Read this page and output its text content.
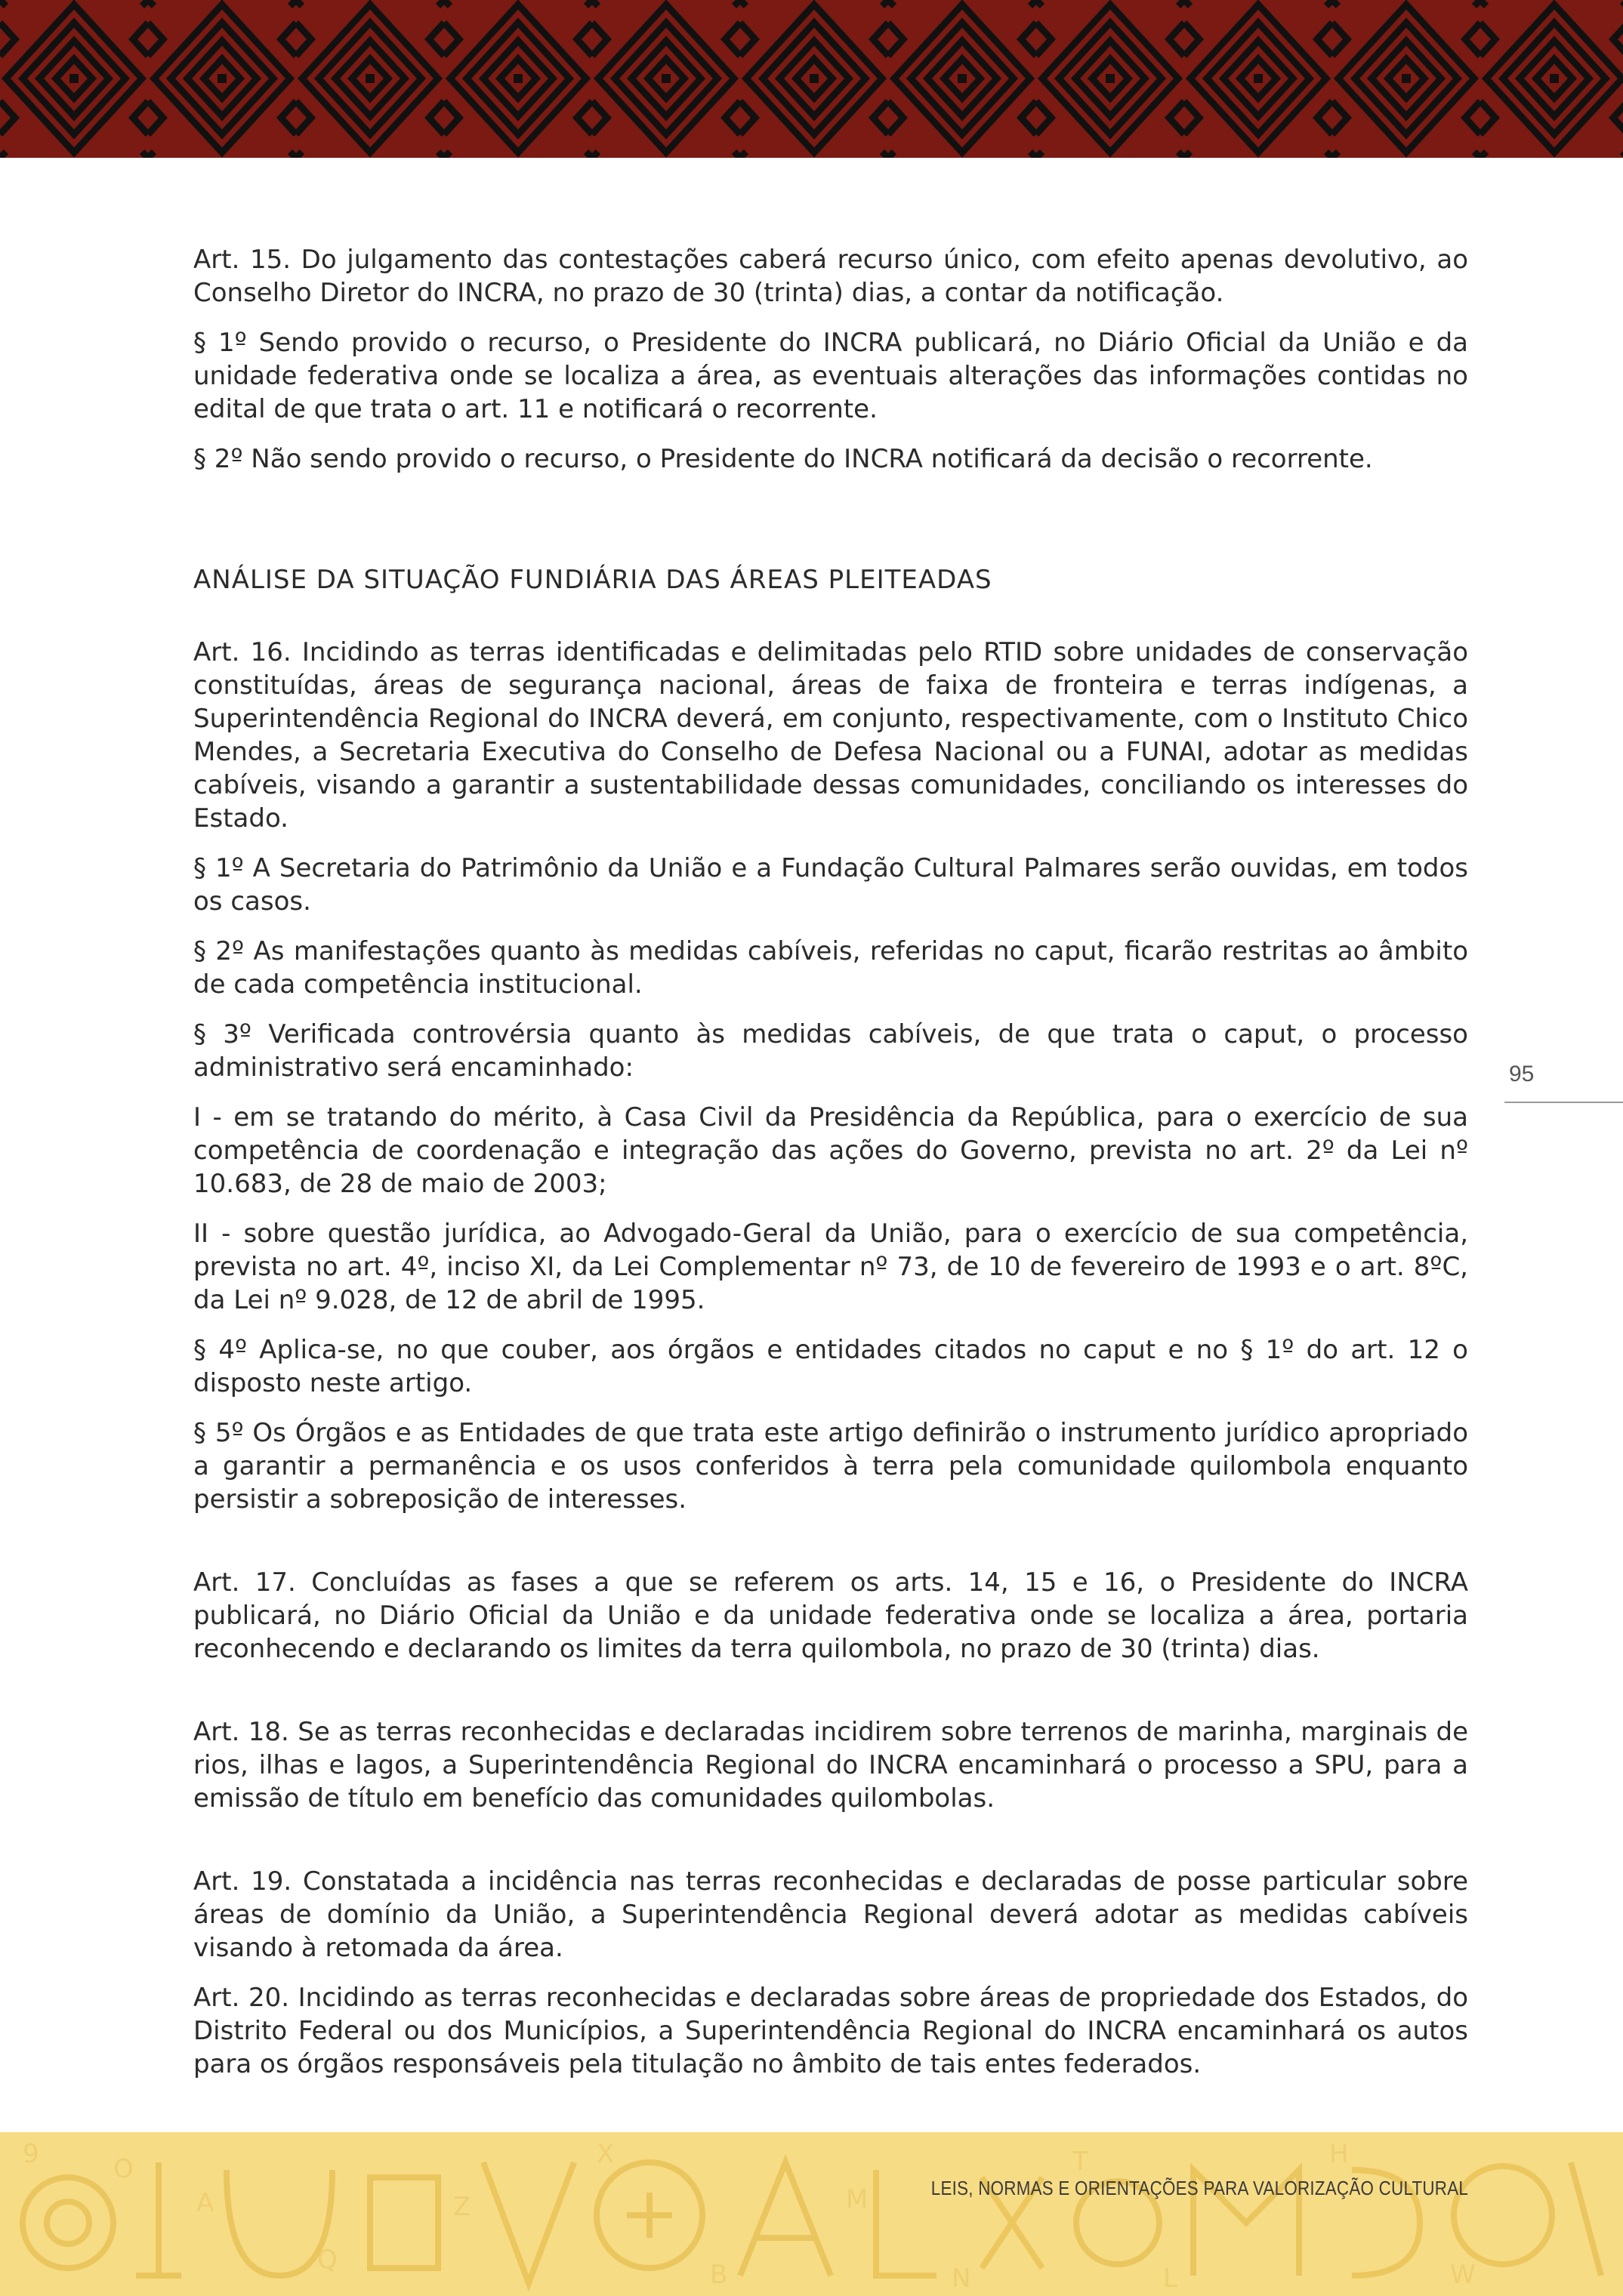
Art. 15. Do julgamento das contestações caberá recurso único, com efeito apenas devolutivo, ao Conselho Diretor do INCRA, no prazo de 30 (trinta) dias, a contar da notificação.

§ 1º Sendo provido o recurso, o Presidente do INCRA publicará, no Diário Oficial da União e da unidade federativa onde se localiza a área, as eventuais alterações das informações contidas no edital de que trata o art. 11 e notificará o recorrente.

§ 2º Não sendo provido o recurso, o Presidente do INCRA notificará da decisão o recorrente.

ANÁLISE DA SITUAÇÃO FUNDIÁRIA DAS ÁREAS PLEITEADAS

Art. 16. Incidindo as terras identificadas e delimitadas pelo RTID sobre unidades de conservação constituídas, áreas de segurança nacional, áreas de faixa de fronteira e terras indígenas, a Superintendência Regional do INCRA deverá, em conjunto, respectivamente, com o Instituto Chico Mendes, a Secretaria Executiva do Conselho de Defesa Nacional ou a FUNAI, adotar as medidas cabíveis, visando a garantir a sustentabilidade dessas comunidades, conciliando os interesses do Estado.

§ 1º A Secretaria do Patrimônio da União e a Fundação Cultural Palmares serão ouvidas, em todos os casos.

§ 2º As manifestações quanto às medidas cabíveis, referidas no caput, ficarão restritas ao âmbito de cada competência institucional.

§ 3º Verificada controvérsia quanto às medidas cabíveis, de que trata o caput, o processo administrativo será encaminhado:

I - em se tratando do mérito, à Casa Civil da Presidência da República, para o exercício de sua competência de coordenação e integração das ações do Governo, prevista no art. 2º da Lei nº 10.683, de 28 de maio de 2003;

II - sobre questão jurídica, ao Advogado-Geral da União, para o exercício de sua competência, prevista no art. 4º, inciso XI, da Lei Complementar nº 73, de 10 de fevereiro de 1993 e o art. 8ºC, da Lei nº 9.028, de 12 de abril de 1995.

§ 4º Aplica-se, no que couber, aos órgãos e entidades citados no caput e no § 1º do art. 12 o disposto neste artigo.

§ 5º Os Órgãos e as Entidades de que trata este artigo definirão o instrumento jurídico apropriado a garantir a permanência e os usos conferidos à terra pela comunidade quilombola enquanto persistir a sobreposição de interesses.

Art. 17. Concluídas as fases a que se referem os arts. 14, 15 e 16, o Presidente do INCRA publicará, no Diário Oficial da União e da unidade federativa onde se localiza a área, portaria reconhecendo e declarando os limites da terra quilombola, no prazo de 30 (trinta) dias.

Art. 18. Se as terras reconhecidas e declaradas incidirem sobre terrenos de marinha, marginais de rios, ilhas e lagos, a Superintendência Regional do INCRA encaminhará o processo a SPU, para a emissão de título em benefício das comunidades quilombolas.

Art. 19. Constatada a incidência nas terras reconhecidas e declaradas de posse particular sobre áreas de domínio da União, a Superintendência Regional deverá adotar as medidas cabíveis visando à retomada da área.

Art. 20. Incidindo as terras reconhecidas e declaradas sobre áreas de propriedade dos Estados, do Distrito Federal ou dos Municípios, a Superintendência Regional do INCRA encaminhará os autos para os órgãos responsáveis pela titulação no âmbito de tais entes federados.

95
9	O
A
Q
Z
X
B
M
N
T
L
H
W
LEIS, NORMAS E ORIENTAÇÕES PARA VALORIZAÇÃO CULTURAL
